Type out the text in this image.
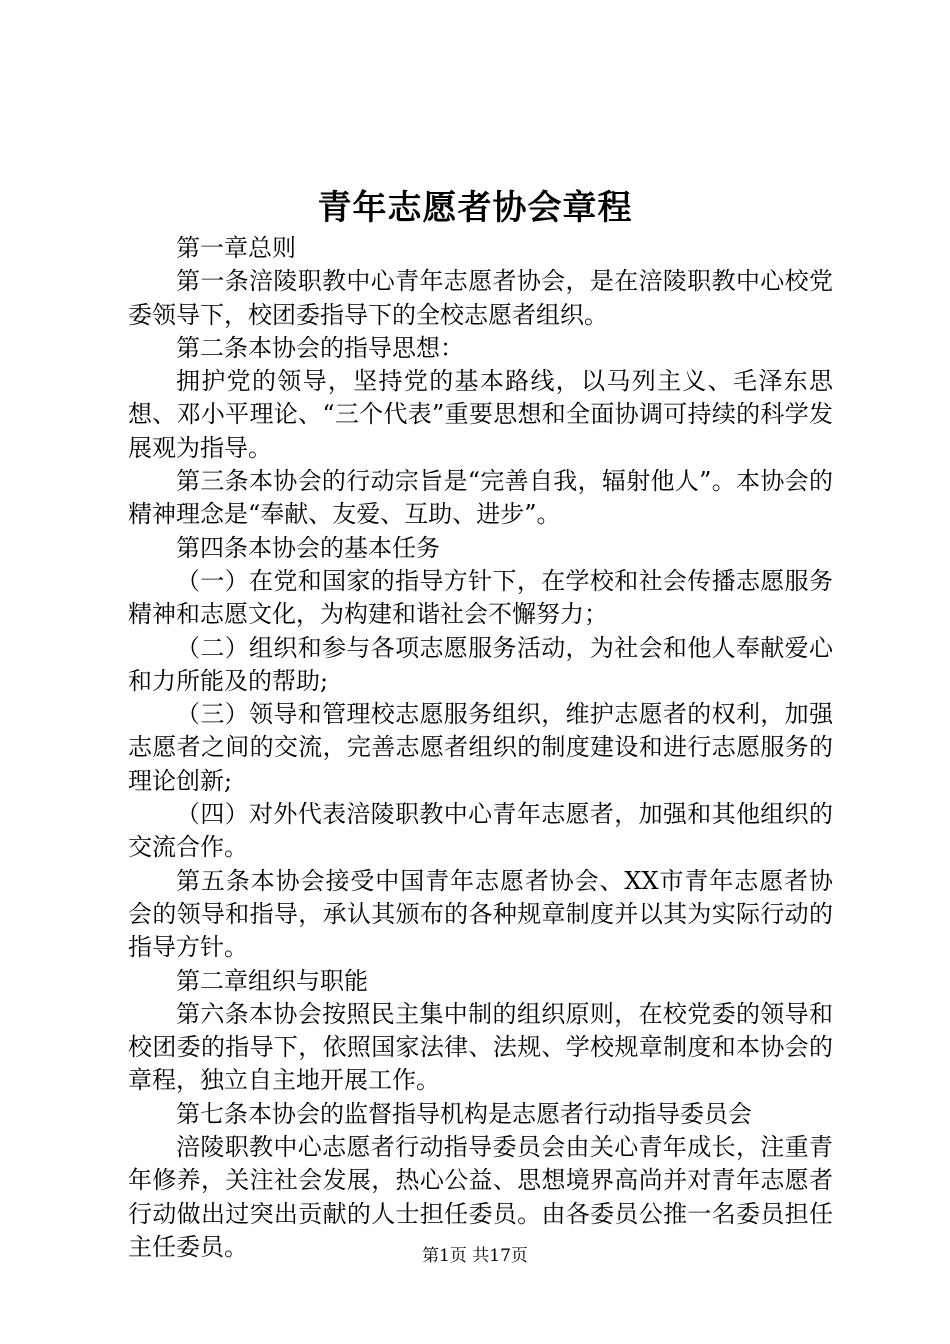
青年志愿者协会章程

第一章总则

第一条涪陵职教中心青年志愿者协会，是在涪陵职教中心校党委领导下，校团委指导下的全校志愿者组织。

第二条本协会的指导思想：

拥护党的领导，坚持党的基本路线，以马列主义、毛泽东思想、邓小平理论、“三个代表”重要思想和全面协调可持续的科学发展观为指导。

第三条本协会的行动宗旨是“完善自我，辐射他人”。本协会的精神理念是“奉献、友爱、互助、进步”。

第四条本协会的基本任务

（一）在党和国家的指导方针下，在学校和社会传播志愿服务精神和志愿文化，为构建和谐社会不懈努力；

（二）组织和参与各项志愿服务活动，为社会和他人奉献爱心和力所能及的帮助;

（三）领导和管理校志愿服务组织，维护志愿者的权利，加强志愿者之间的交流，完善志愿者组织的制度建设和进行志愿服务的理论创新;

（四）对外代表涪陵职教中心青年志愿者，加强和其他组织的交流合作。

第五条本协会接受中国青年志愿者协会、XX市青年志愿者协会的领导和指导，承认其颁布的各种规章制度并以其为实际行动的指导方针。

第二章组织与职能

第六条本协会按照民主集中制的组织原则，在校党委的领导和校团委的指导下，依照国家法律、法规、学校规章制度和本协会的章程，独立自主地开展工作。

第七条本协会的监督指导机构是志愿者行动指导委员会

涪陵职教中心志愿者行动指导委员会由关心青年成长，注重青年修养，关注社会发展，热心公益、思想境界高尚并对青年志愿者行动做出过突出贡献的人士担任委员。由各委员公推一名委员担任主任委员。	第1页 共17页
